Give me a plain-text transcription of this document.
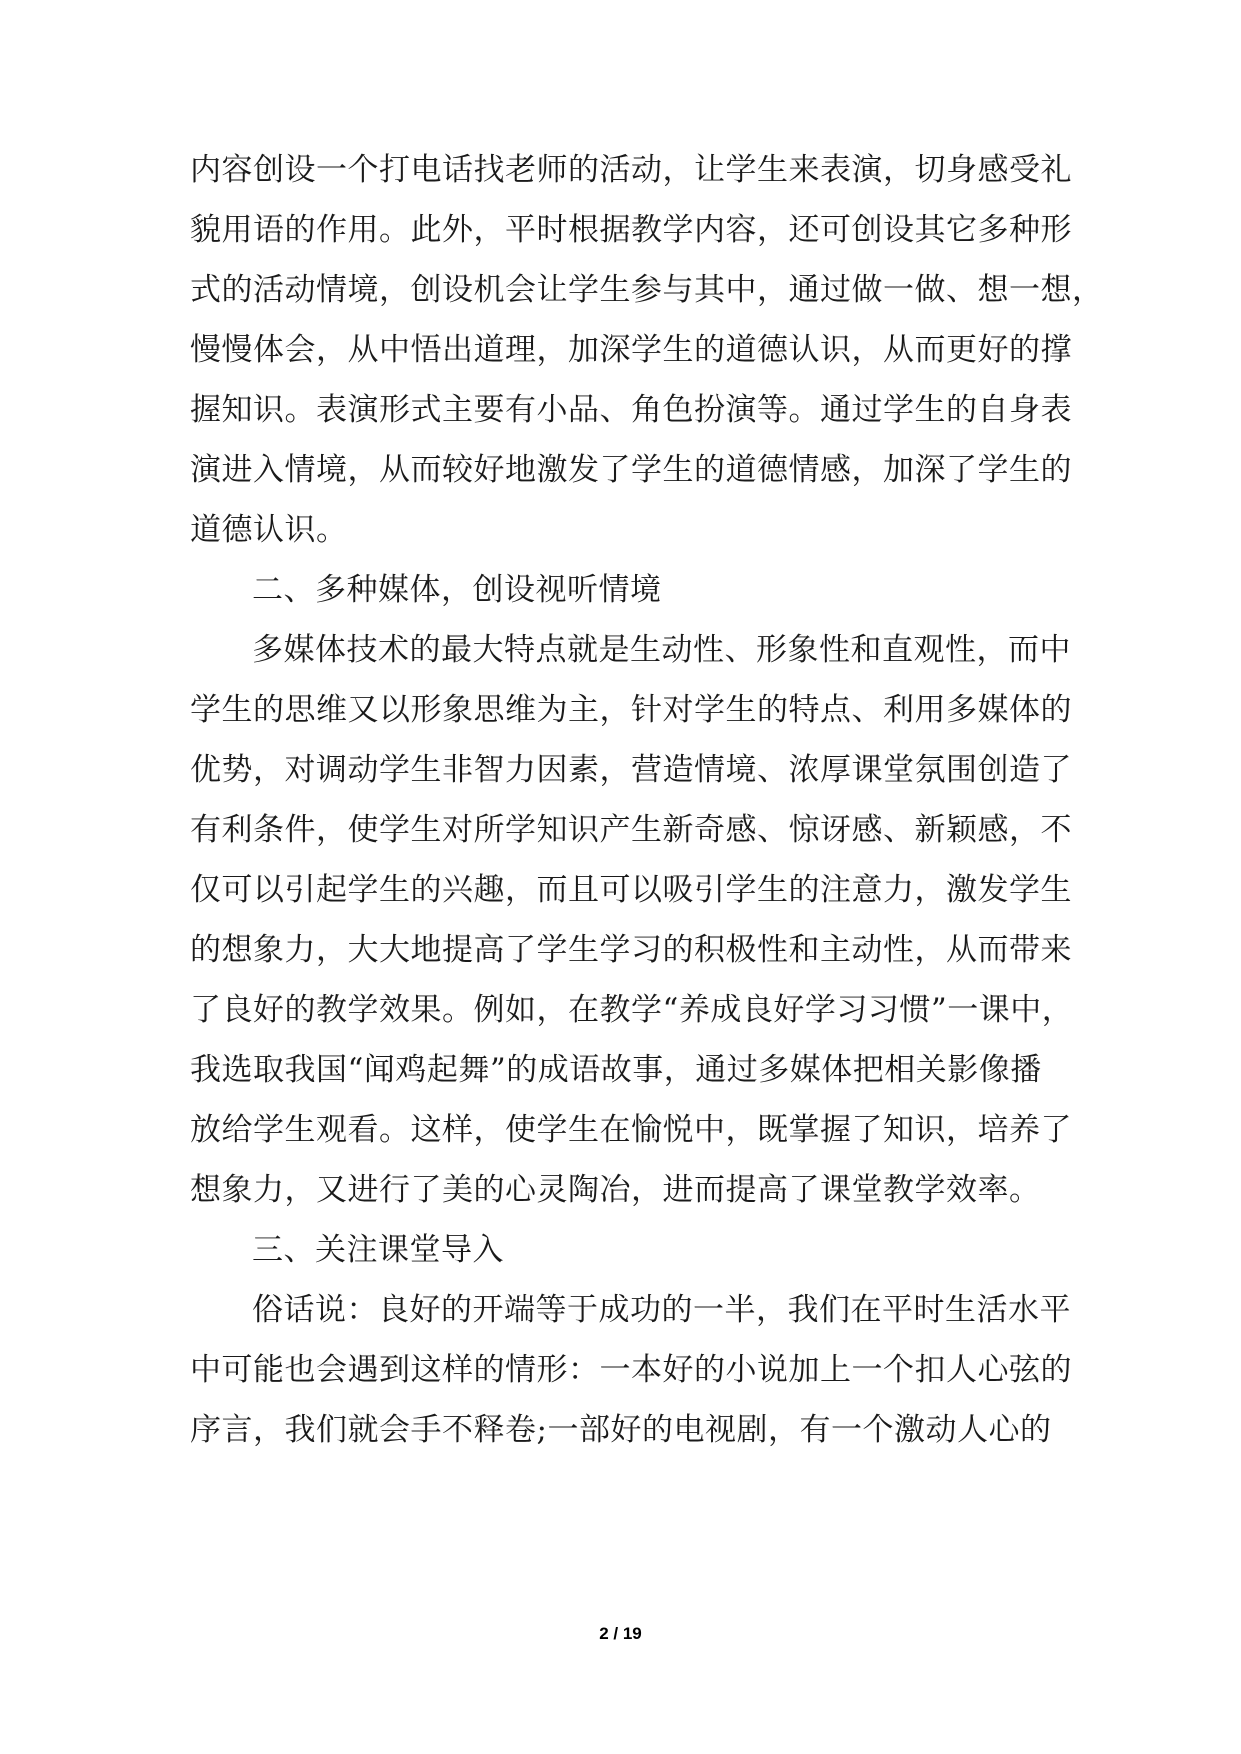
内容创设一个打电话找老师的活动，让学生来表演，切身感受礼
貌用语的作用。此外，平时根据教学内容，还可创设其它多种形
式的活动情境，创设机会让学生参与其中，通过做一做、想一想，
慢慢体会，从中悟出道理，加深学生的道德认识，从而更好的撑
握知识。表演形式主要有小品、角色扮演等。通过学生的自身表
演进入情境，从而较好地激发了学生的道德情感，加深了学生的
道德认识。
二、多种媒体，创设视听情境
多媒体技术的最大特点就是生动性、形象性和直观性，而中
学生的思维又以形象思维为主，针对学生的特点、利用多媒体的
优势，对调动学生非智力因素，营造情境、浓厚课堂氛围创造了
有利条件，使学生对所学知识产生新奇感、惊讶感、新颖感，不
仅可以引起学生的兴趣，而且可以吸引学生的注意力，激发学生
的想象力，大大地提高了学生学习的积极性和主动性，从而带来
了良好的教学效果。例如，在教学“养成良好学习习惯”一课中，
我选取我国“闻鸡起舞”的成语故事，通过多媒体把相关影像播
放给学生观看。这样，使学生在愉悦中，既掌握了知识，培养了
想象力，又进行了美的心灵陶冶，进而提高了课堂教学效率。
三、关注课堂导入
俗话说：良好的开端等于成功的一半，我们在平时生活水平
中可能也会遇到这样的情形：一本好的小说加上一个扣人心弦的
序言，我们就会手不释卷;一部好的电视剧，有一个激动人心的
2 / 19
